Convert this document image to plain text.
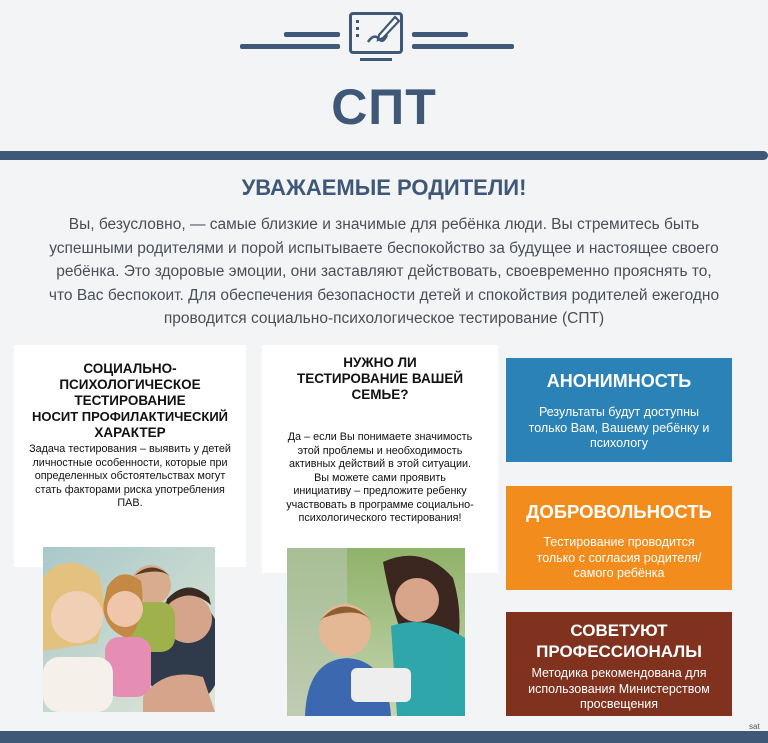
СПТ
УВАЖАЕМЫЕ РОДИТЕЛИ!
Вы, безусловно, — самые близкие и значимые для ребёнка люди. Вы стремитесь быть
успешными родителями и порой испытываете беспокойство за будущее и настоящее своего
ребёнка. Это здоровые эмоции, они заставляют действовать, своевременно прояснять то,
что Вас беспокоит. Для обеспечения безопасности детей и спокойствия родителей ежегодно
проводится социально-психологическое тестирование (СПТ)
СОЦИАЛЬНО-
ПСИХОЛОГИЧЕСКОЕ
ТЕСТИРОВАНИЕ
НОСИТ ПРОФИЛАКТИЧЕСКИЙ
ХАРАКТЕР
Задача тестирования – выявить у детей
личностные особенности, которые при
определенных обстоятельствах могут
стать факторами риска употребления
ПАВ.
НУЖНО ЛИ
ТЕСТИРОВАНИЕ ВАШЕЙ
СЕМЬЕ?
Да – если Вы понимаете значимость
этой проблемы и необходимость
активных действий в этой ситуации.
Вы можете сами проявить
инициативу – предложите ребенку
участвовать в программе социально-
психологического тестирования!
АНОНИМНОСТЬ
Результаты будут доступны
только Вам, Вашему ребёнку и
психологу
ДОБРОВОЛЬНОСТЬ
Тестирование проводится
только с согласия родителя/
самого ребёнка
СОВЕТУЮТ
ПРОФЕССИОНАЛЫ
Методика рекомендована для
использования Министерством
просвещения
sat
